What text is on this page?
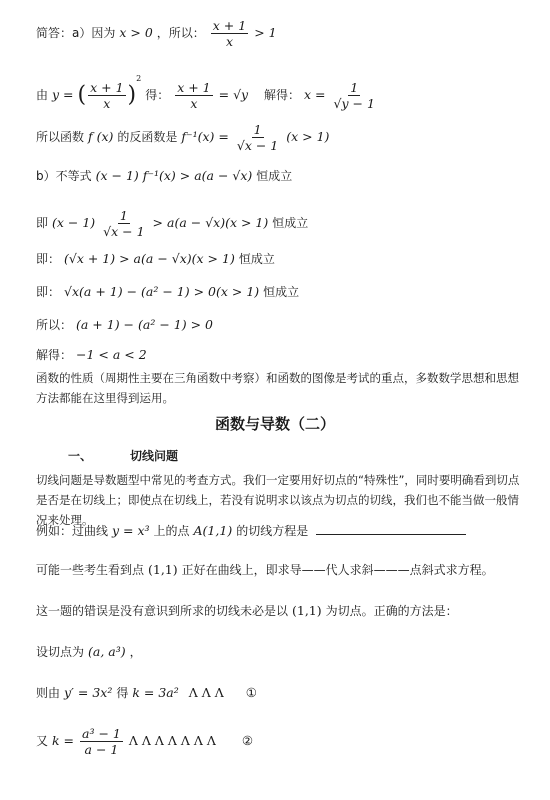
简答：a）因为 x > 0 ，所以： $\frac{x + 1}{x} > 1$
由 y = ( $\frac{x + 1}{x} )^2$ 得： $\frac{x + 1}{x} = √y$ 解得： $x = \frac{1}{√y - 1}$
所以函数 f (x) 的反函数是 $f^{-1}(x) = \frac{1}{√x - 1} (x > 1)$
b）不等式 (x − 1) f⁻¹(x) > a(a − √x) 恒成立
即 $(x - 1) \frac{1}{√x - 1} > a(a - √x)(x > 1)$ 恒成立
即： (√x + 1) > a(a − √x)(x > 1) 恒成立
即： √x(a + 1) − (a² − 1) > 0(x > 1) 恒成立
所以： (a + 1) − (a² − 1) > 0
解得： −1 < a < 2
函数的性质（周期性主要在三角函数中考察）和函数的图像是考试的重点，多数数学思想和思想方法都能在这里得到运用。
函数与导数（二）
一、	切线问题
切线问题是导数题型中常见的考查方式。我们一定要用好切点的“特殊性”，同时要明确看到切点是否是在切线上；即使点在切线上，若没有说明求以该点为切点的切线，我们也不能当做一般情况来处理。
例如：过曲线 y = x³ 上的点 A(1,1) 的切线方程是
可能一些考生看到点 (1,1) 正好在曲线上，即求导——代人求斜———点斜式求方程。
这一题的错误是没有意识到所求的切线未必是以 (1,1) 为切点。正确的方法是：
设切点为 (a, a³) ，
则由 y′ = 3x² 得 k = 3a² Λ Λ Λ ①
又 $k = \frac{\text{a³ − 1}}{a - 1}$ Λ Λ Λ Λ Λ Λ Λ ②
